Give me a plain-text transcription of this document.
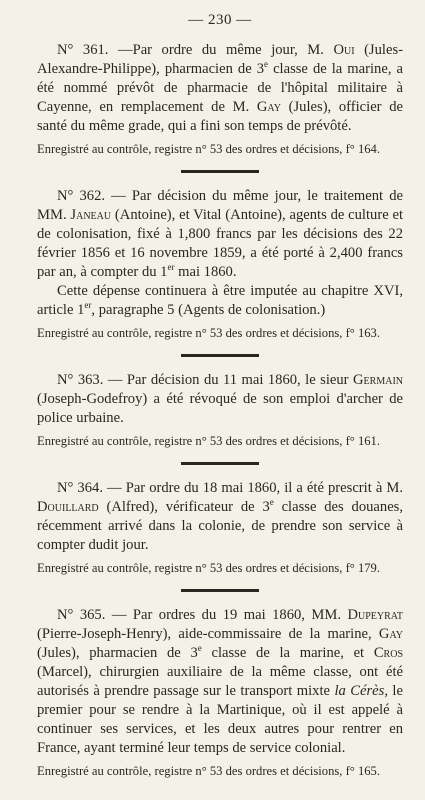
— 230 —

N° 361. —Par ordre du même jour, M. Oui (Jules-Alexandre-Philippe), pharmacien de 3e classe de la marine, a été nommé prévôt de pharmacie de l'hôpital militaire à Cayenne, en remplacement de M. Gay (Jules), officier de santé du même grade, qui a fini son temps de prévôté.

Enregistré au contrôle, registre n° 53 des ordres et décisions, f° 164.

N° 362. — Par décision du même jour, le traitement de MM. Janeau (Antoine), et Vital (Antoine), agents de culture et de colonisation, fixé à 1,800 francs par les décisions des 22 février 1856 et 16 novembre 1859, a été porté à 2,400 francs par an, à compter du 1er mai 1860.

Cette dépense continuera à être imputée au chapitre XVI, article 1er, paragraphe 5 (Agents de colonisation.)

Enregistré au contrôle, registre n° 53 des ordres et décisions, f° 163.

N° 363. — Par décision du 11 mai 1860, le sieur Germain (Joseph-Godefroy) a été révoqué de son emploi d'archer de police urbaine.

Enregistré au contrôle, registre n° 53 des ordres et décisions, f° 161.

N° 364. — Par ordre du 18 mai 1860, il a été prescrit à M. Douillard (Alfred), vérificateur de 3e classe des douanes, récemment arrivé dans la colonie, de prendre son service à compter dudit jour.

Enregistré au contrôle, registre n° 53 des ordres et décisions, f° 179.

N° 365. — Par ordres du 19 mai 1860, MM. Dupeyrat (Pierre-Joseph-Henry), aide-commissaire de la marine, Gay (Jules), pharmacien de 3e classe de la marine, et Cros (Marcel), chirurgien auxiliaire de la même classe, ont été autorisés à prendre passage sur le transport mixte la Cérès, le premier pour se rendre à la Martinique, où il est appelé à continuer ses services, et les deux autres pour rentrer en France, ayant terminé leur temps de service colonial.

Enregistré au contrôle, registre n° 53 des ordres et décisions, f° 165.
